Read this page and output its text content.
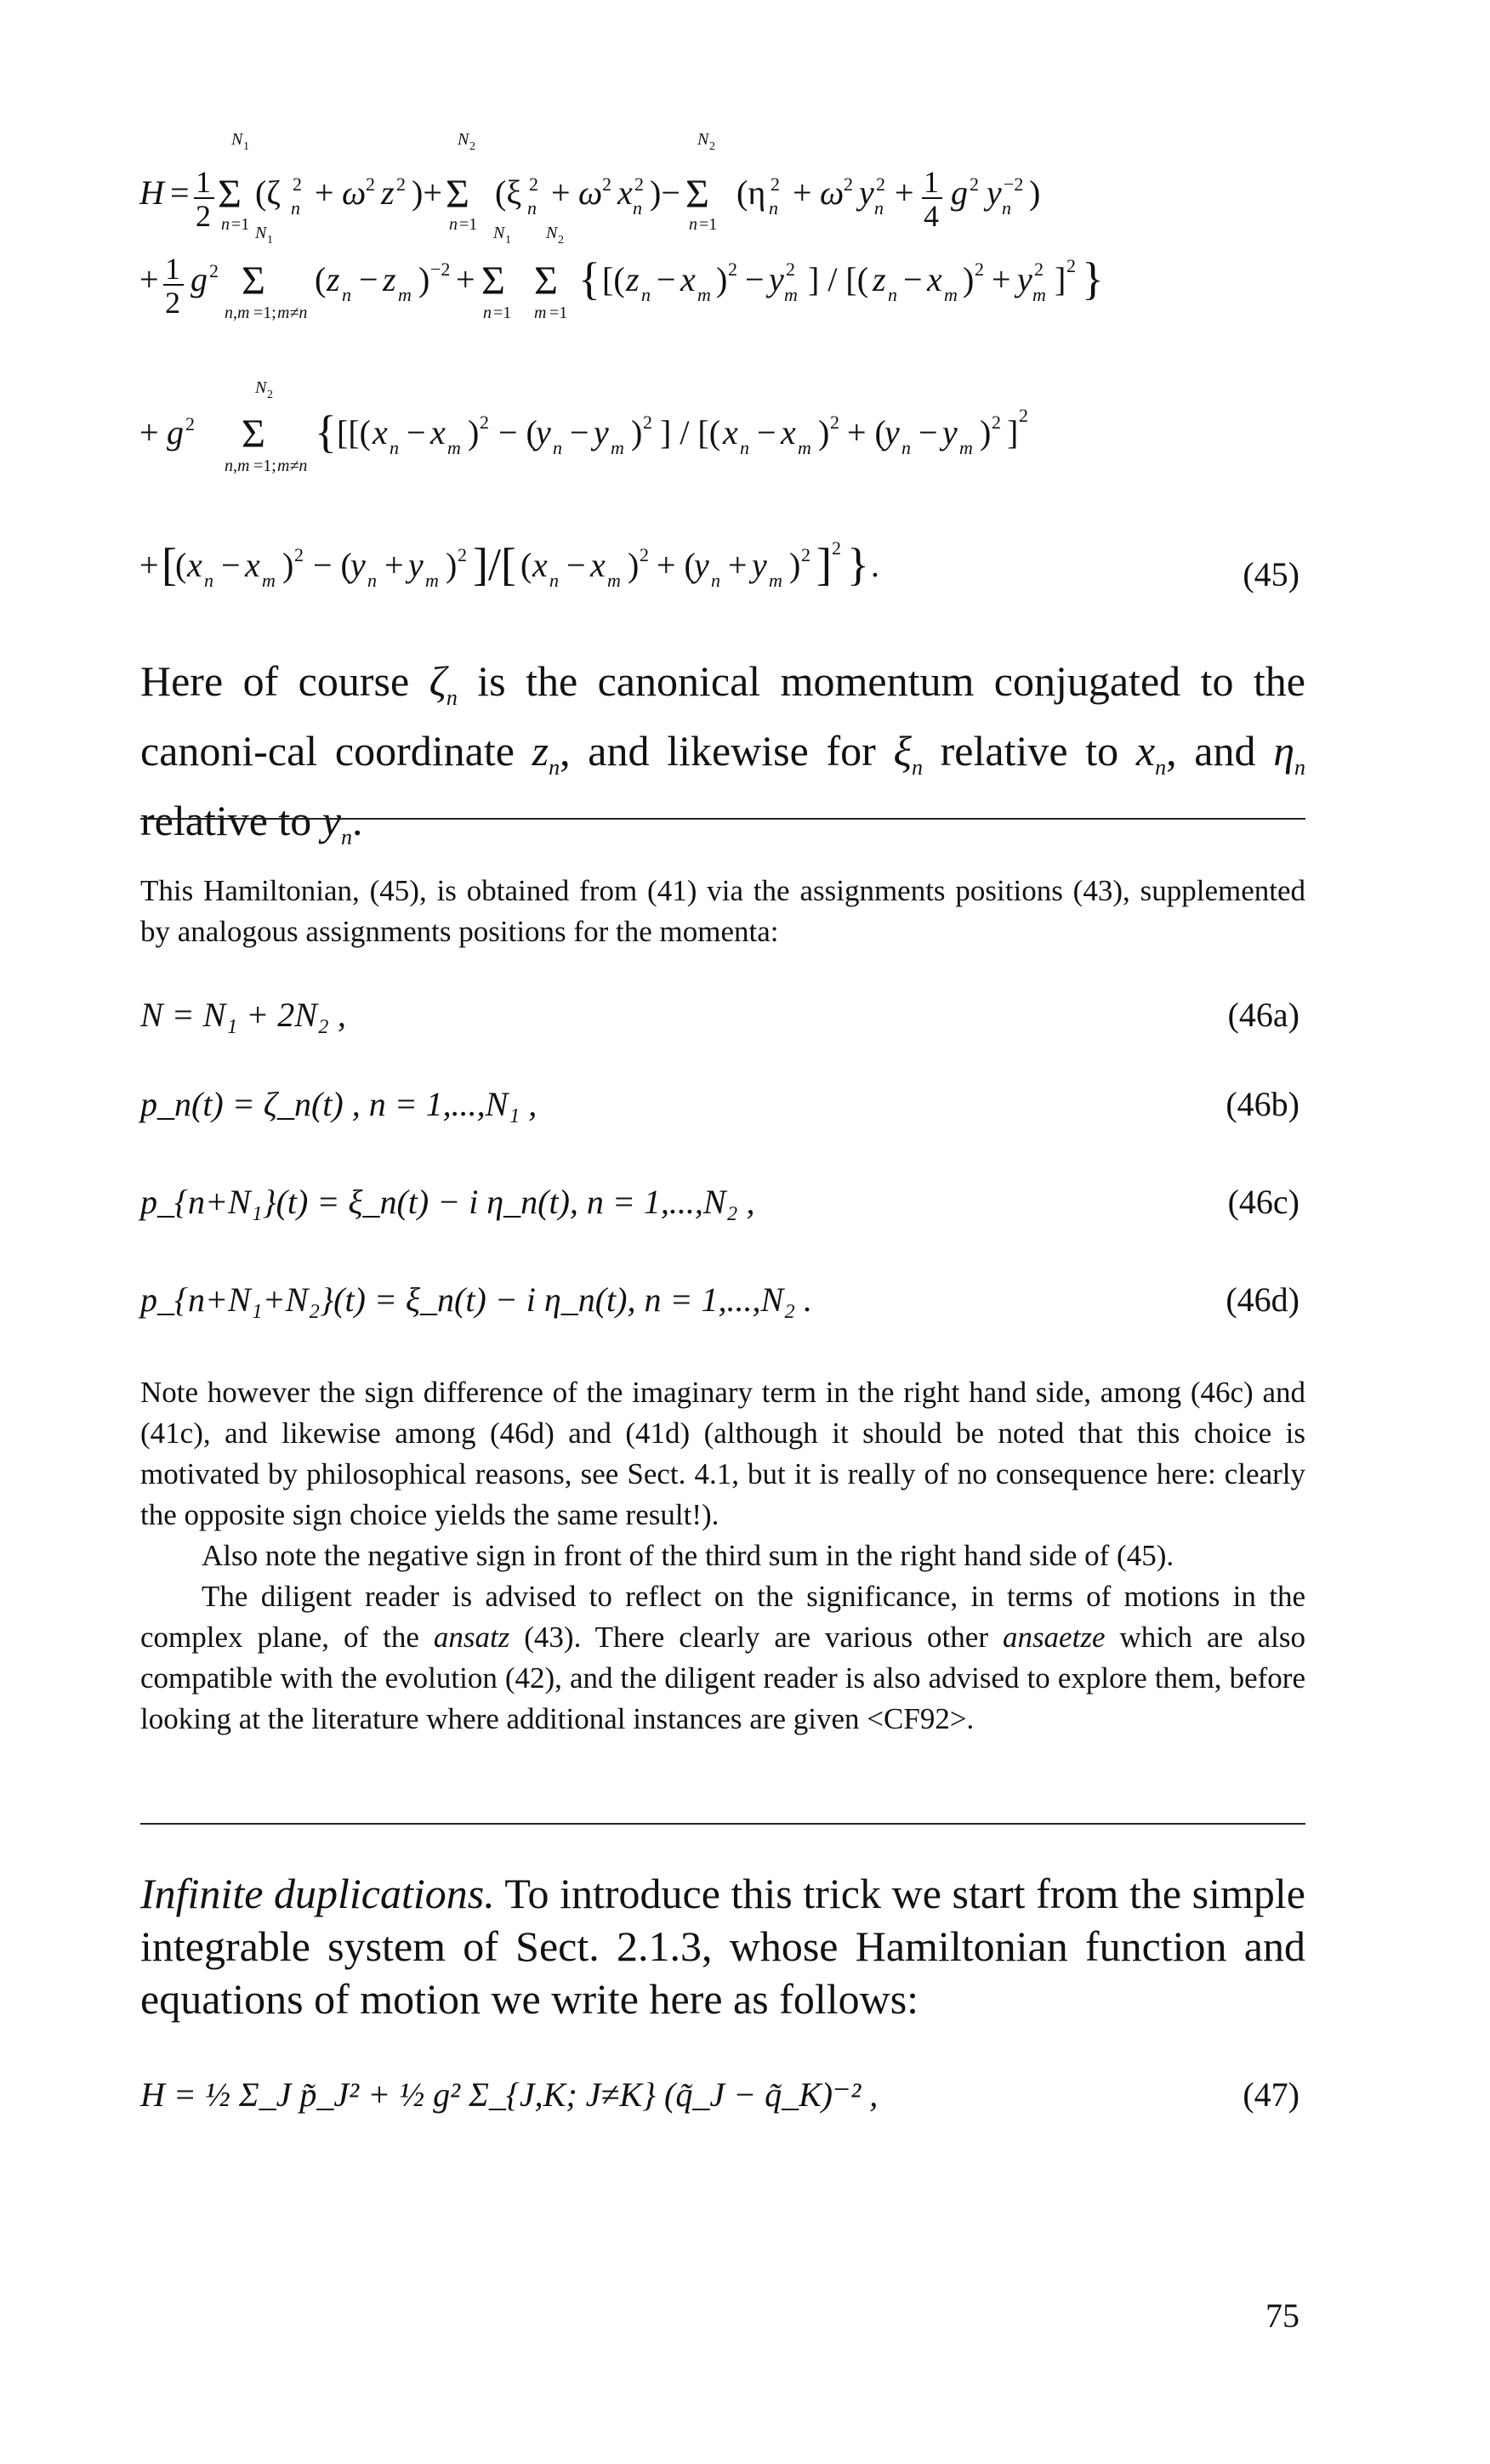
H = 1
2 Σ
N 1
n =1
(ζ 2
n + ω 2 z 2 )+ Σ
N 2
n =1
(ξ 2
n + ω 2 x 2
n )− Σ
N 2
n =1
(η 2
n + ω 2 y 2
n + 1
4
g 2 y −2
n )
+ 1
2
g 2 Σ
N 1
n,m =1; m≠n
( z n − z m ) −2 + Σ
N 1
n =1
Σ
N 2
m =1
{ [( z n − x m ) 2 − y 2
m ] / [( z n − x m ) 2 + y 2
m ] 2 }
+ g 2 Σ
N 2
n,m =1; m≠n
{ [[( x n − x m ) 2 − (
y n − y m ) 2 ] / [( x n − x m ) 2 + (
y n − y m ) 2 ] 2
+ [
( x n − x m ) 2 − (
y n + y m ) 2 ]/[ ( x n − x m ) 2 + (
y n + y m ) 2 ] 2 } .	(45)
Here of course $\zeta_n$ is the canonical momentum conjugated to the canoni-cal coordinate $z_n$, and likewise for $\xi_n$ relative to $x_n$, and $\eta_n$ relative to $y_n$.
This Hamiltonian, (45), is obtained from (41) via the assignments positions (43), supplemented by analogous assignments positions for the momenta:
N = N₁ + 2N₂ ,	(46a)
p_n(t) = ζ_n(t) , n = 1,...,N₁ ,	(46b)
p_{n+N₁}(t) = ξ_n(t) − i η_n(t), n = 1,...,N₂ ,	(46c)
p_{n+N₁+N₂}(t) = ξ_n(t) − i η_n(t), n = 1,...,N₂ .	(46d)

Note however the sign difference of the imaginary term in the right hand side, among (46c) and (41c), and likewise among (46d) and (41d) (although it should be noted that this choice is motivated by philosophical reasons, see Sect. 4.1, but it is really of no consequence here: clearly the opposite sign choice yields the same result!).

Also note the negative sign in front of the third sum in the right hand side of (45).

The diligent reader is advised to reflect on the significance, in terms of motions in the complex plane, of the ansatz (43). There clearly are various other ansaetze which are also compatible with the evolution (42), and the diligent reader is also advised to explore them, before looking at the literature where additional instances are given <CF92>.

Infinite duplications. To introduce this trick we start from the simple integrable system of Sect. 2.1.3, whose Hamiltonian function and equations of motion we write here as follows:
H = ½ Σ_J p̃_J² + ½ g² Σ_{J,K; J≠K} (q̃_J − q̃_K)⁻² ,	(47)
75
